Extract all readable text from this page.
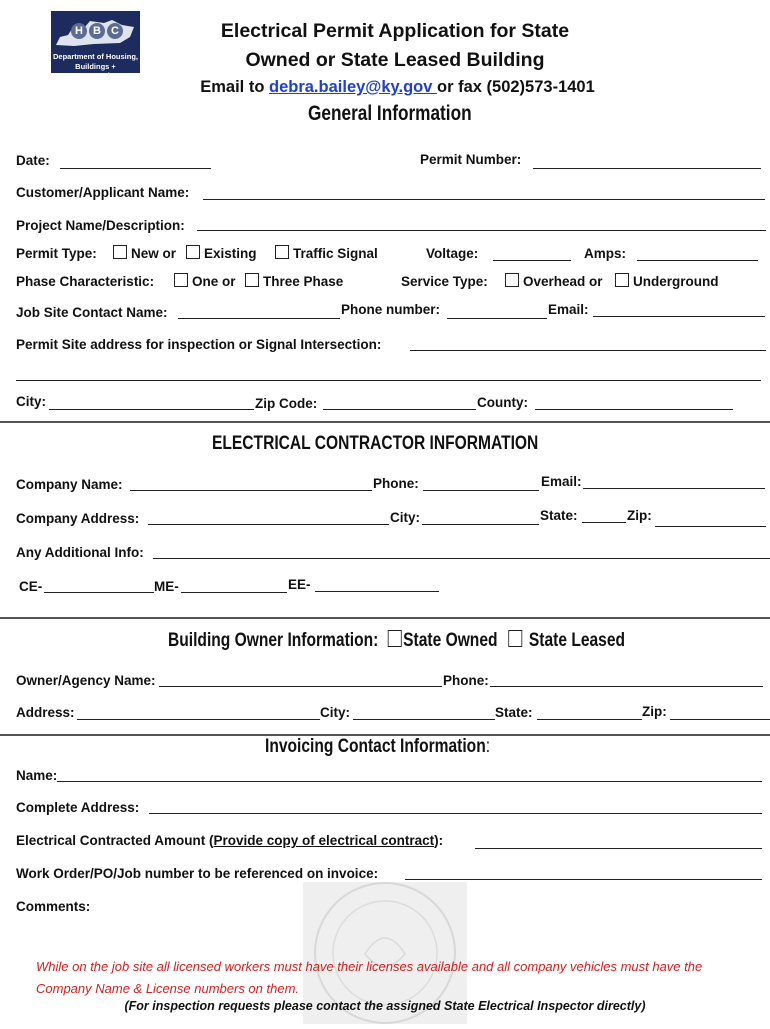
H B C
Department of Housing,
Buildings + Construction
Electrical Permit Application for State
Owned or State Leased Building
Email to debra.bailey@ky.gov or fax (502)573-1401
General Information
Date:	Permit Number:
Customer/Applicant Name:
Project Name/Description:
Permit Type:	New or	Existing	Traffic Signal	Voltage:	Amps:
Phase Characteristic:	One or	Three Phase	Service Type:	Overhead or	Underground
Job Site Contact Name:	Phone number:	Email:
Permit Site address for inspection or Signal Intersection:
City:	Zip Code:	County:
ELECTRICAL CONTRACTOR INFORMATION
Company Name:	Phone:	Email:
Company Address:	City:	State:	Zip:
Any Additional Info:
CE-	ME-	EE-
Building Owner Information: State Owned State Leased
Owner/Agency Name:	Phone:
Address:	City:	State:	Zip:
Invoicing Contact Information:
Name:
Complete Address:
Electrical Contracted Amount (Provide copy of electrical contract):
Work Order/PO/Job number to be referenced on invoice:
Comments:
While on the job site all licensed workers must have their licenses available and all company vehicles must have the
Company Name & License numbers on them.
(For inspection requests please contact the assigned State Electrical Inspector directly)
